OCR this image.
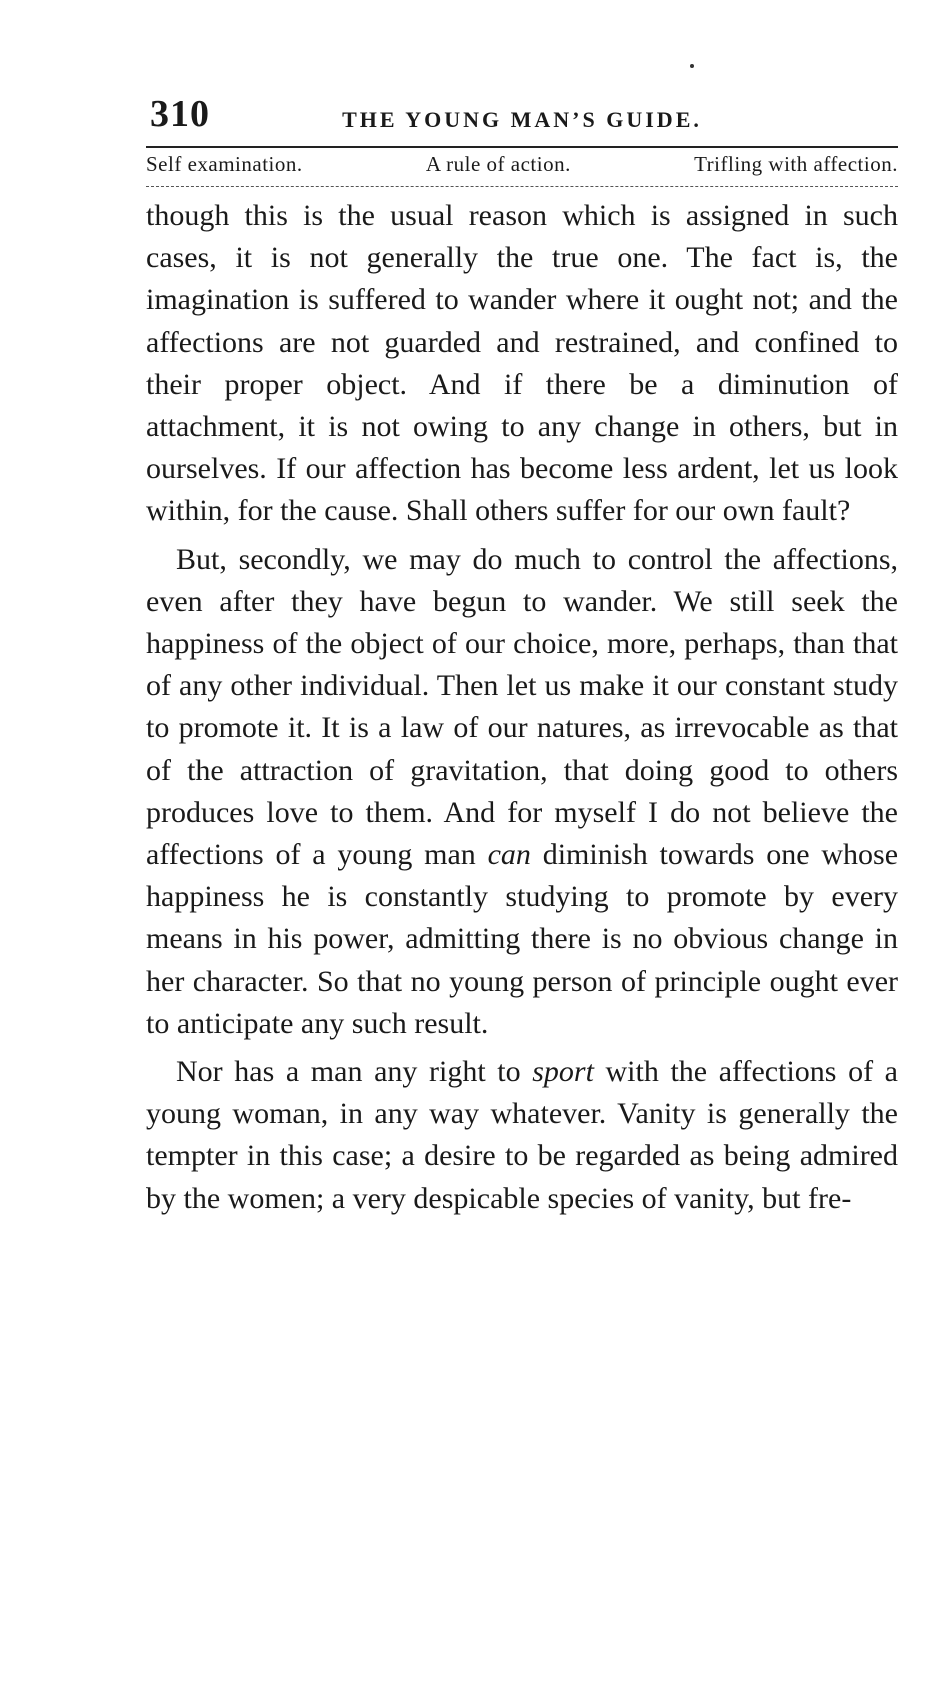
310	THE YOUNG MAN’S GUIDE.
Self examination.	A rule of action.	Trifling with affection.

though this is the usual reason which is assigned in such cases, it is not generally the true one. The fact is, the imagination is suffered to wander where it ought not; and the affections are not guarded and restrained, and confined to their proper object. And if there be a diminution of attachment, it is not owing to any change in others, but in ourselves. If our affection has become less ardent, let us look within, for the cause. Shall others suffer for our own fault?

But, secondly, we may do much to control the affections, even after they have begun to wander. We still seek the happiness of the object of our choice, more, perhaps, than that of any other individual. Then let us make it our constant study to promote it. It is a law of our natures, as irrevocable as that of the attraction of gravitation, that doing good to others produces love to them. And for myself I do not believe the affections of a young man can diminish towards one whose happiness he is constantly studying to promote by every means in his power, admitting there is no obvious change in her character. So that no young person of principle ought ever to anticipate any such result.

Nor has a man any right to sport with the affections of a young woman, in any way whatever. Vanity is generally the tempter in this case; a desire to be regarded as being admired by the women; a very despicable species of vanity, but fre-
